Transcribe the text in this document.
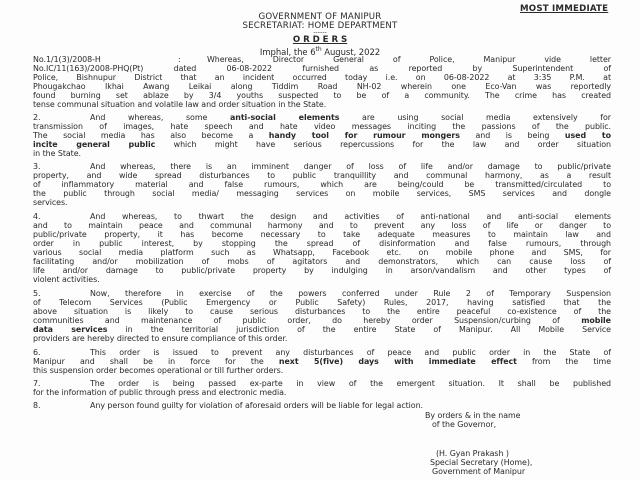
MOST IMMEDIATE
GOVERNMENT OF MANIPUR
SECRETARIAT: HOME DEPARTMENT
------
O R D E R S
Imphal, the 6th August, 2022
No.1/1(3)/2008-H	:	Whereas,   Director   General   of   Police,   Manipur   vide   letter
No.IC/11(163)/2008-PHQ(Pt) dated 06-08-2022 furnished as reported by Superintendent of
Police, Bishnupur District that an incident occurred today i.e. on 06-08-2022 at 3:35 P.M. at
Phougakchao Ikhai Awang Leikai along Tiddim Road NH-02 wherein one Eco-Van was reportedly
found burning set ablaze by 3/4 youths suspected to be of a community. The crime has created
tense communal situation and volatile law and order situation in the State.
2.	And whereas, some anti-social elements are using social media extensively for
transmission of images, hate speech and hate video messages inciting the passions of the public.
The social media has also become a handy tool for rumour mongers and is being used to
incite general public which might have serious repercussions for the law and order situation
in the State.
3.	And whereas, there is an imminent danger of loss of life and/or damage to public/private
property, and wide spread disturbances to public tranquillity and communal harmony, as a result
of inflammatory material and false rumours, which are being/could be transmitted/circulated to
the public through social media/ messaging services on mobile services, SMS services and dongle
services.
4.	And whereas, to thwart the design and activities of anti-national and anti-social elements
and to maintain peace and communal harmony and to prevent any loss of life or danger to
public/private property, it has become necessary to take adequate measures to maintain law and
order in public interest, by stopping the spread of disinformation and false rumours, through
various social media platform such as Whatsapp, Facebook etc. on mobile phone and SMS, for
facilitating and/or mobilization of mobs of agitators and demonstrators, which can cause loss of
life and/or damage to public/private property by indulging in arson/vandalism and other types of
violent activities.
5.	Now, therefore in exercise of the powers conferred under Rule 2 of Temporary Suspension
of Telecom Services (Public Emergency or Public Safety) Rules, 2017, having satisfied that the
above situation is likely to cause serious disturbances to the entire peaceful co-existence of the
communities and maintenance of public order, do hereby order Suspension/curbing of mobile
data services in the territorial jurisdiction of the entire State of Manipur. All Mobile Service
providers are hereby directed to ensure compliance of this order.
6.	This order is issued to prevent any disturbances of peace and public order in the State of
Manipur and shall be in force for the next 5(five) days with immediate effect from the time
this suspension order becomes operational or till further orders.
7.	The order is being passed ex-parte in view of the emergent situation. It shall be published
for the information of public through press and electronic media.
8.	Any person found guilty for violation of aforesaid orders will be liable for legal action.
By orders & in the name
of the Governor,
(H. Gyan Prakash )
Special Secretary (Home),
Government of Manipur
